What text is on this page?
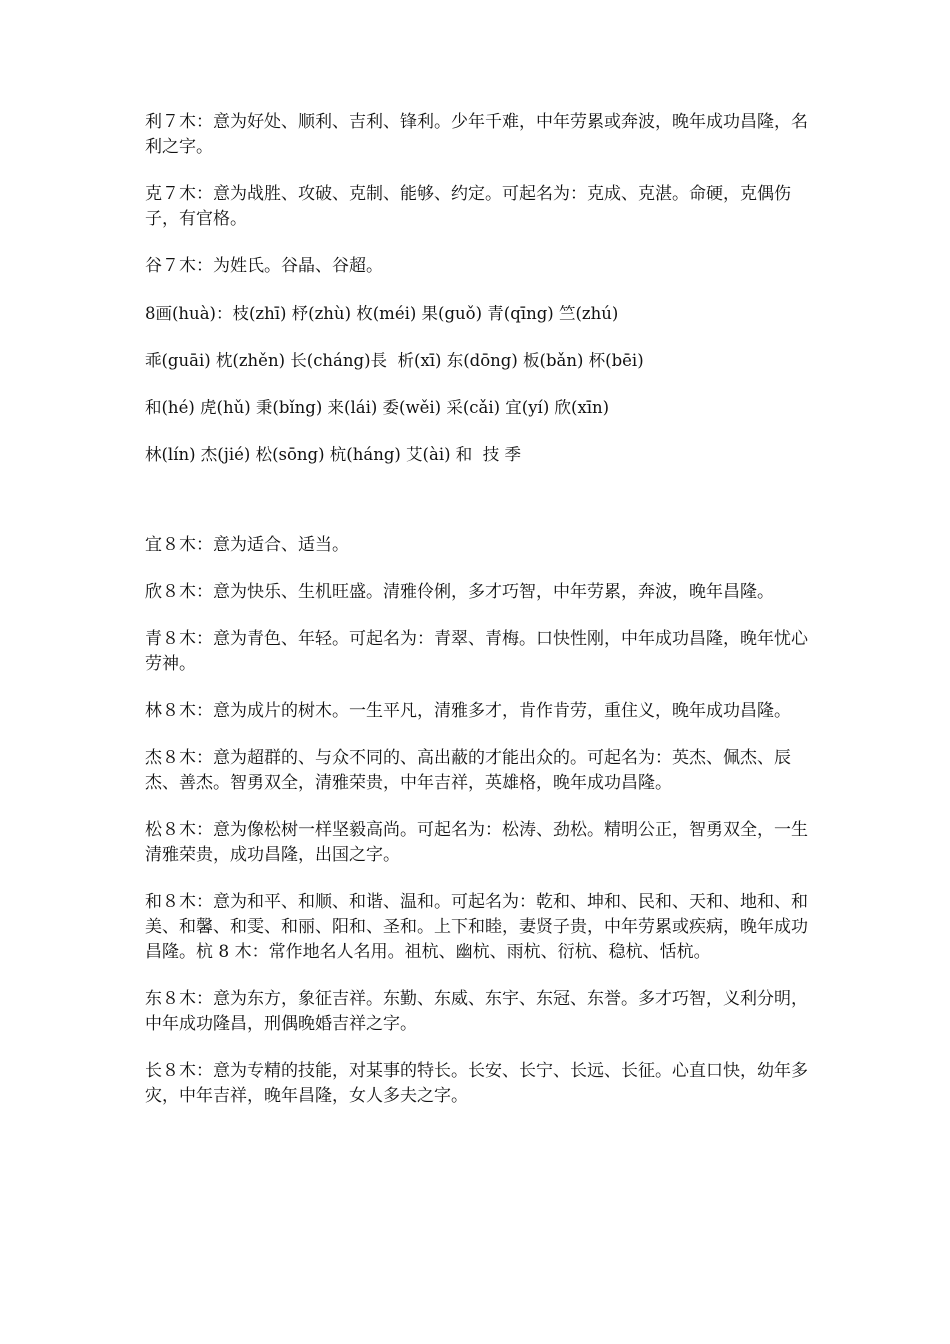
利７木：意为好处、顺利、吉利、锋利。少年千难，中年劳累或奔波，晚年成功昌隆，名利之字。

克７木：意为战胜、攻破、克制、能够、约定。可起名为：克成、克湛。命硬，克偶伤子，有官格。

谷７木：为姓氏。谷晶、谷超。

8画(huà)：枝(zhī) 杼(zhù) 枚(méi) 果(guǒ) 青(qīng) 竺(zhú)

乖(guāi) 枕(zhěn) 长(cháng)長  析(xī) 东(dōng) 板(bǎn) 杯(bēi)

和(hé) 虎(hǔ) 秉(bǐng) 来(lái) 委(wěi) 采(cǎi) 宜(yí) 欣(xīn)

林(lín) 杰(jié) 松(sōng) 杭(háng) 艾(ài) 和  技 季

宜８木：意为适合、适当。

欣８木：意为快乐、生机旺盛。清雅伶俐，多才巧智，中年劳累，奔波，晚年昌隆。

青８木：意为青色、年轻。可起名为：青翠、青梅。口快性刚，中年成功昌隆，晚年忧心劳神。

林８木：意为成片的树木。一生平凡，清雅多才，肯作肯劳，重住义，晚年成功昌隆。

杰８木：意为超群的、与众不同的、高出蔽的才能出众的。可起名为：英杰、佩杰、辰杰、善杰。智勇双全，清雅荣贵，中年吉祥，英雄格，晚年成功昌隆。

松８木：意为像松树一样坚毅高尚。可起名为：松涛、劲松。精明公正，智勇双全，一生清雅荣贵，成功昌隆，出国之字。

和８木：意为和平、和顺、和谐、温和。可起名为：乾和、坤和、民和、天和、地和、和美、和馨、和雯、和丽、阳和、圣和。上下和睦，妻贤子贵，中年劳累或疾病，晚年成功昌隆。杭 8 木：常作地名人名用。祖杭、幽杭、雨杭、衍杭、稳杭、恬杭。

东８木：意为东方，象征吉祥。东勤、东威、东宇、东冠、东誉。多才巧智，义利分明，中年成功隆昌，刑偶晚婚吉祥之字。

长８木：意为专精的技能，对某事的特长。长安、长宁、长远、长征。心直口快，幼年多灾，中年吉祥，晚年昌隆，女人多夫之字。
